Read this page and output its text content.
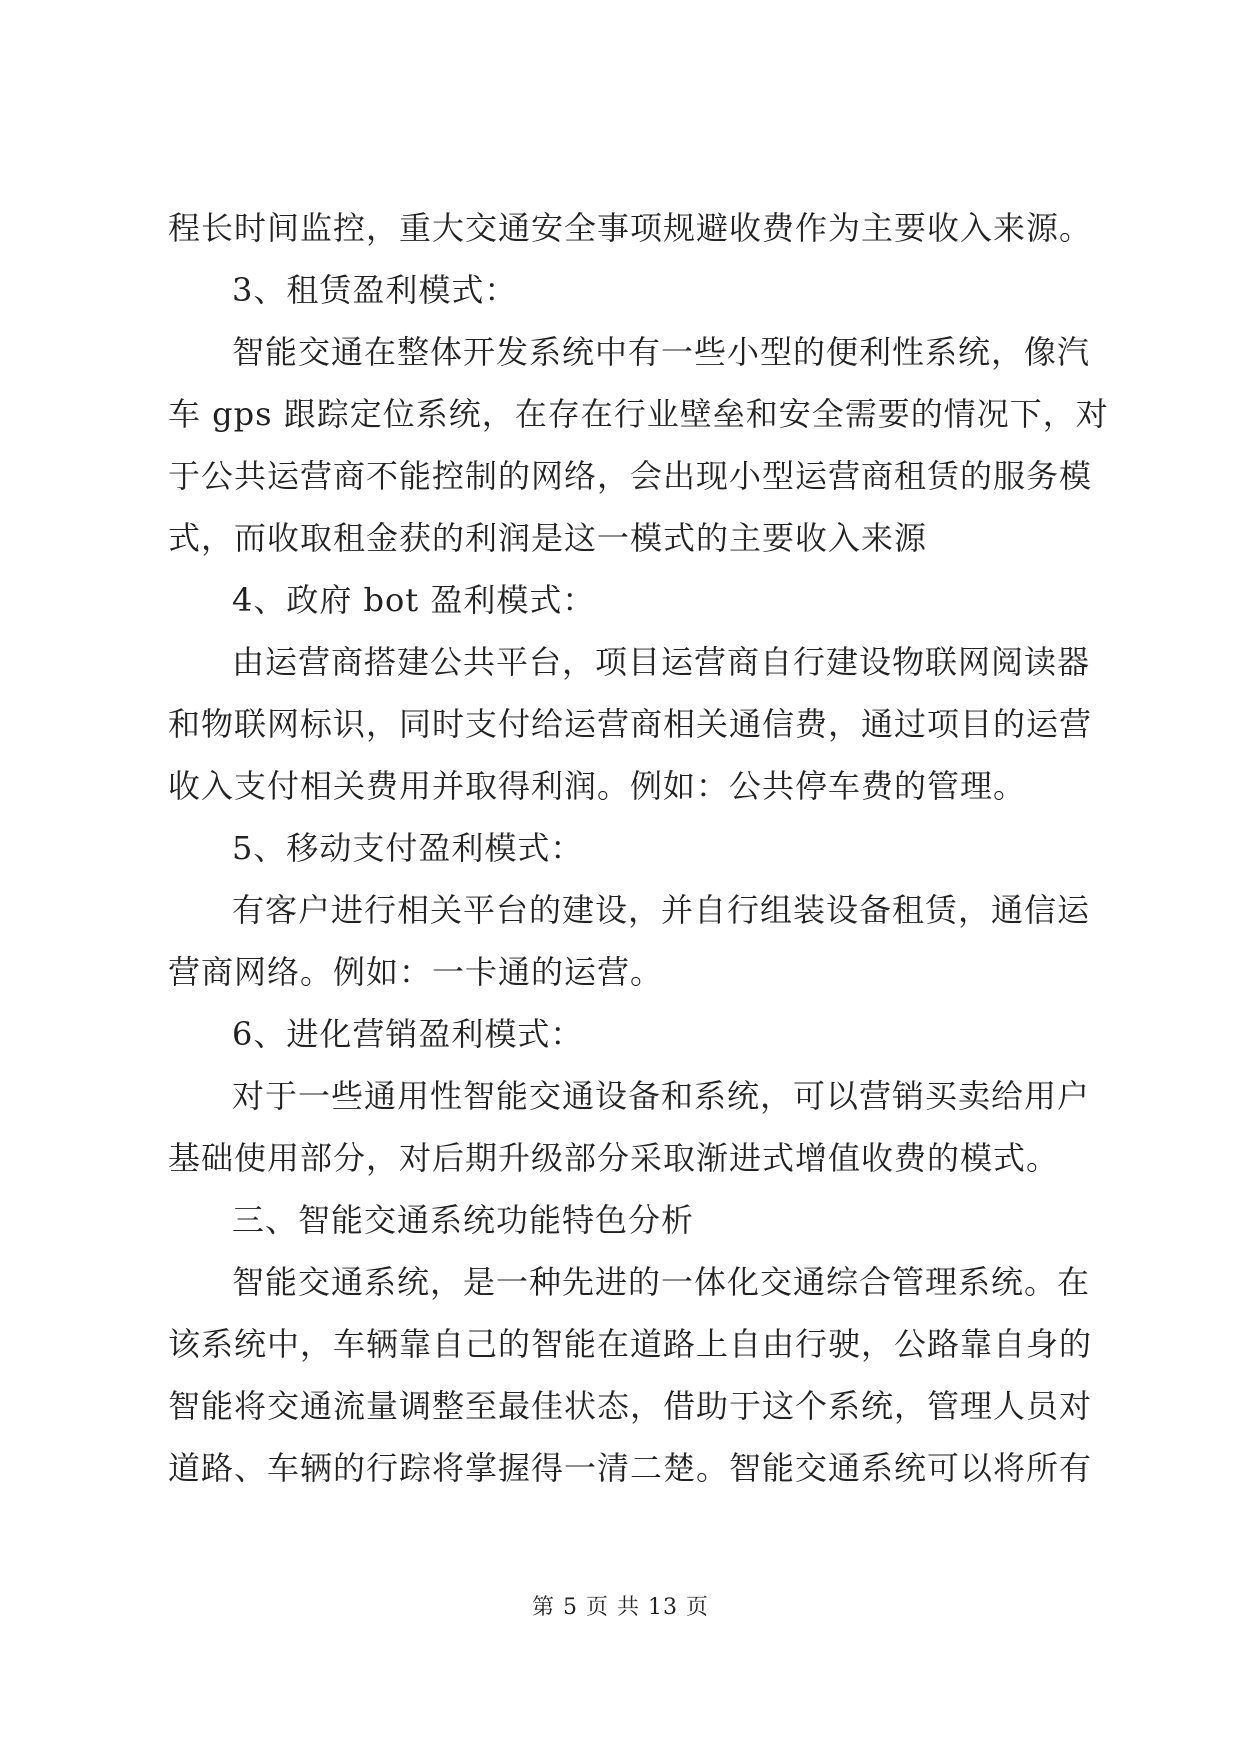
程长时间监控，重大交通安全事项规避收费作为主要收入来源。
3、租赁盈利模式：
智能交通在整体开发系统中有一些小型的便利性系统，像汽
车 gps 跟踪定位系统，在存在行业壁垒和安全需要的情况下，对
于公共运营商不能控制的网络，会出现小型运营商租赁的服务模
式，而收取租金获的利润是这一模式的主要收入来源
4、政府 bot 盈利模式：
由运营商搭建公共平台，项目运营商自行建设物联网阅读器
和物联网标识，同时支付给运营商相关通信费，通过项目的运营
收入支付相关费用并取得利润。例如：公共停车费的管理。
5、移动支付盈利模式：
有客户进行相关平台的建设，并自行组装设备租赁，通信运
营商网络。例如：一卡通的运营。
6、进化营销盈利模式：
对于一些通用性智能交通设备和系统，可以营销买卖给用户
基础使用部分，对后期升级部分采取渐进式增值收费的模式。
三、智能交通系统功能特色分析
智能交通系统，是一种先进的一体化交通综合管理系统。在
该系统中，车辆靠自己的智能在道路上自由行驶，公路靠自身的
智能将交通流量调整至最佳状态，借助于这个系统，管理人员对
道路、车辆的行踪将掌握得一清二楚。智能交通系统可以将所有
第 5 页 共 13 页
